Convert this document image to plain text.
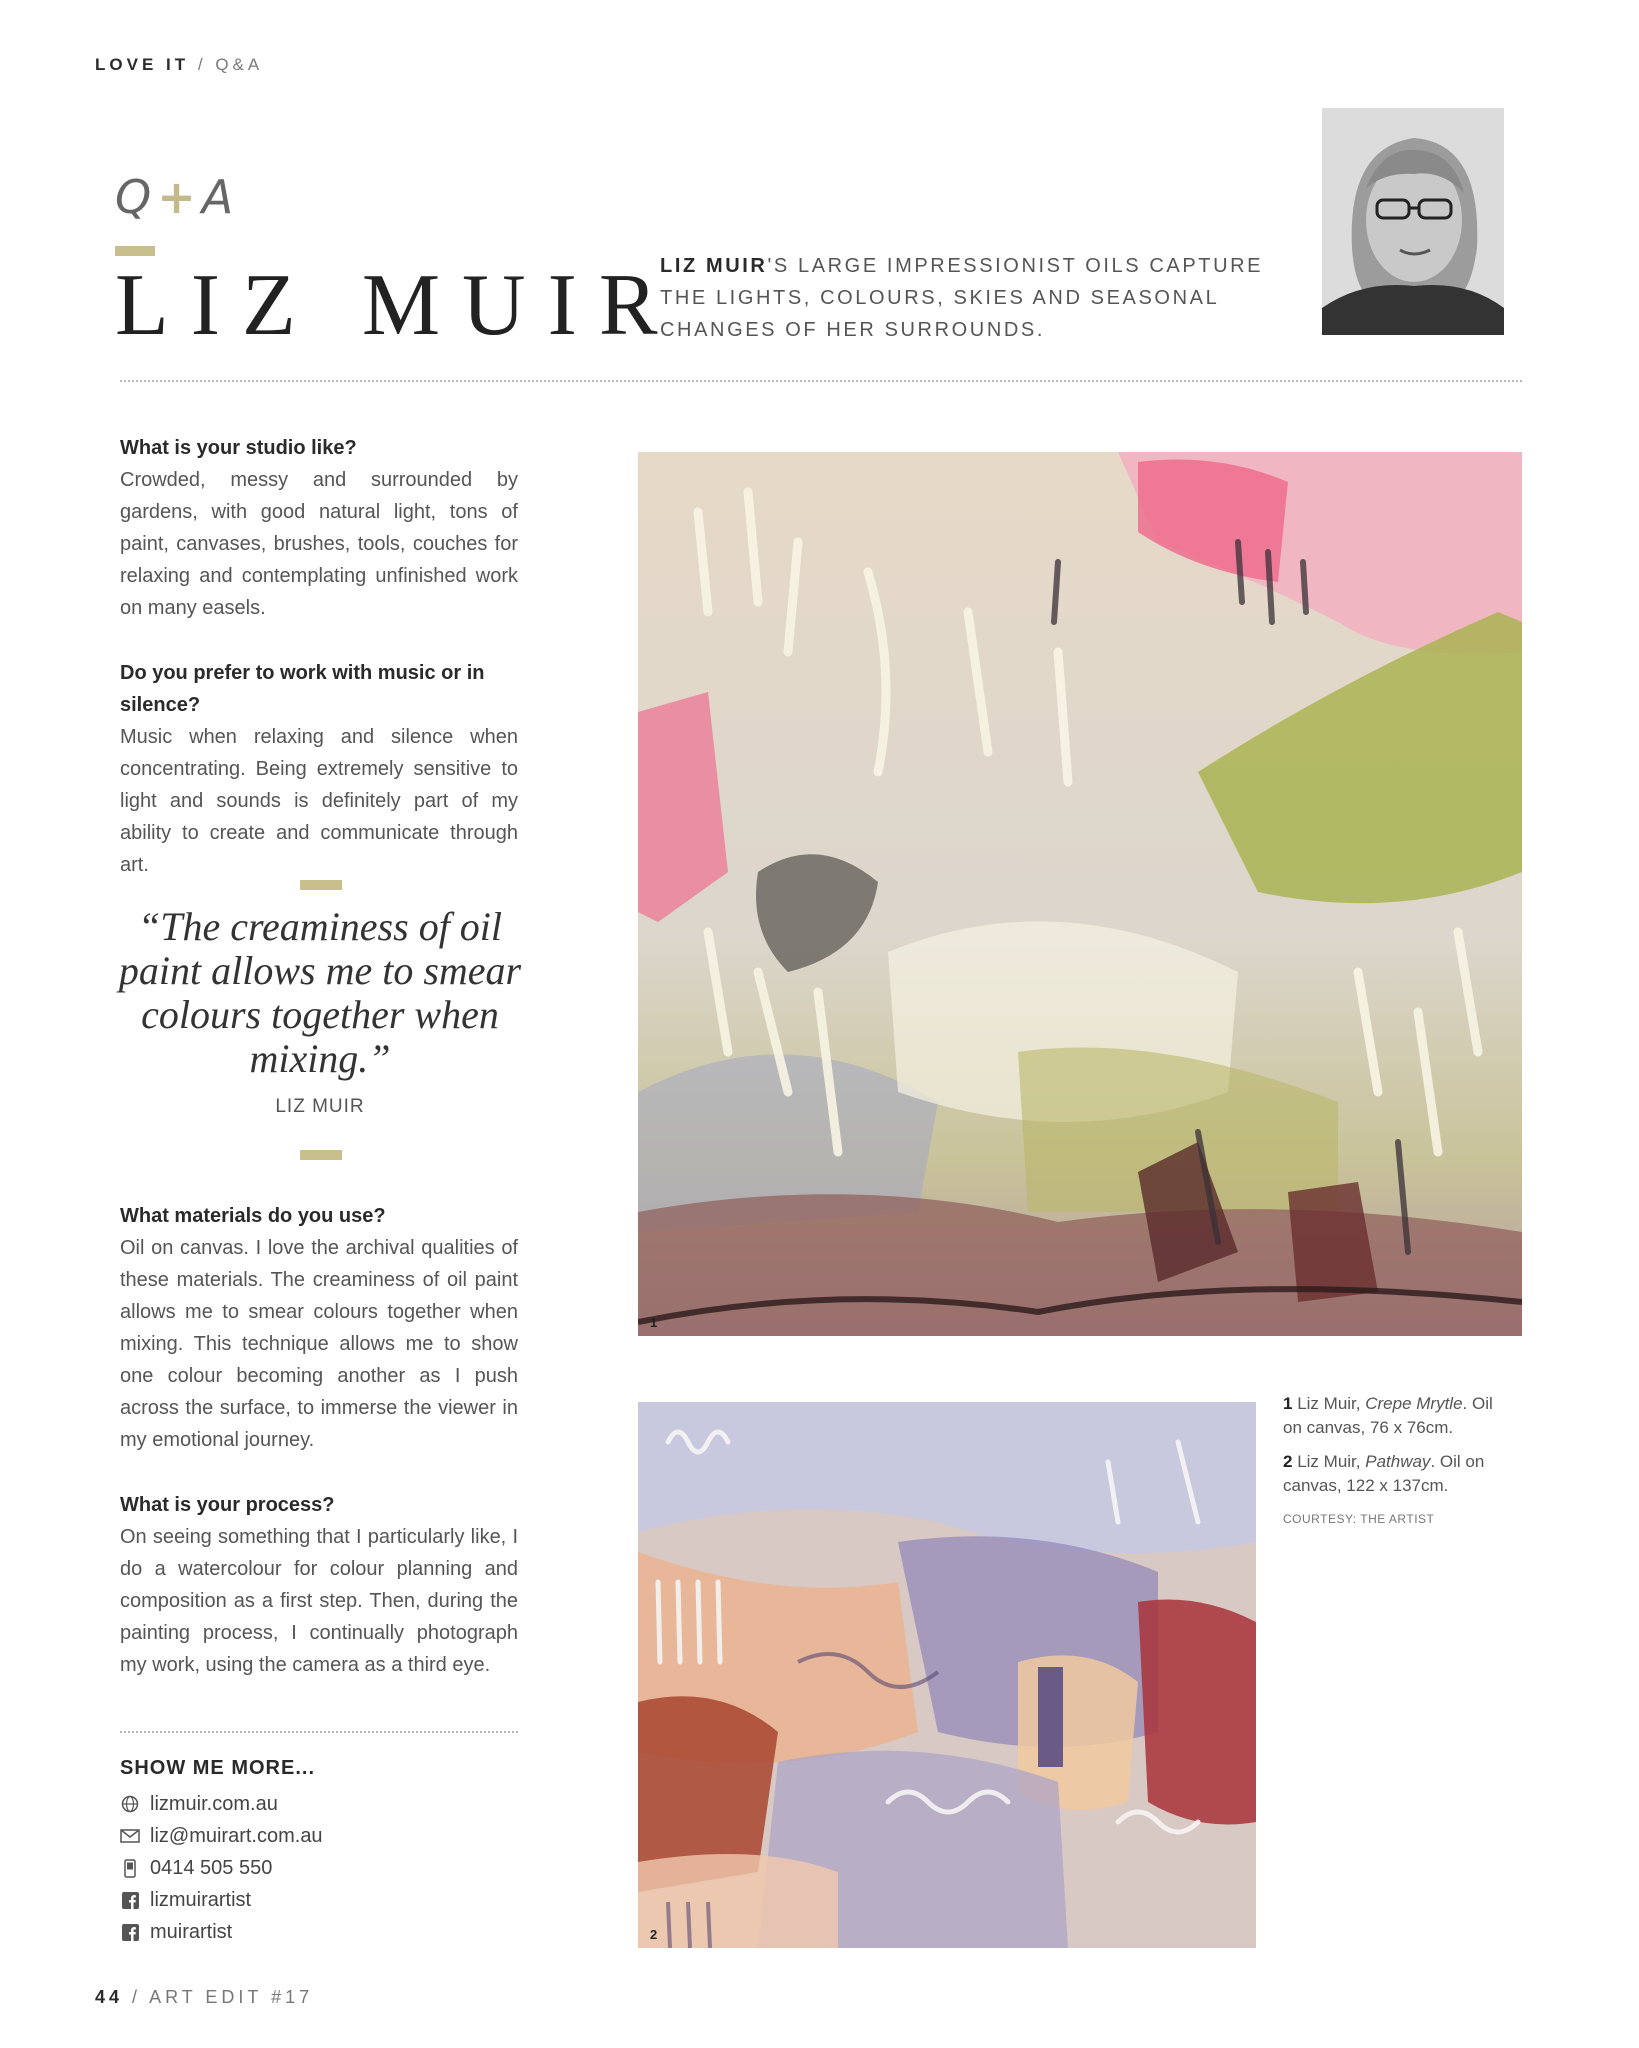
LOVE IT / Q&A
Q+A
LIZ MUIR
LIZ MUIR'S LARGE IMPRESSIONIST OILS CAPTURE THE LIGHTS, COLOURS, SKIES AND SEASONAL CHANGES OF HER SURROUNDS.
What is your studio like?
Crowded, messy and surrounded by gardens, with good natural light, tons of paint, canvases, brushes, tools, couches for relaxing and contemplating unfinished work on many easels.
Do you prefer to work with music or in silence?
Music when relaxing and silence when concentrating. Being extremely sensitive to light and sounds is definitely part of my ability to create and communicate through art.
“The creaminess of oil paint allows me to smear colours together when mixing.”
LIZ MUIR
What materials do you use?
Oil on canvas. I love the archival qualities of these materials. The creaminess of oil paint allows me to smear colours together when mixing. This technique allows me to show one colour becoming another as I push across the surface, to immerse the viewer in my emotional journey.
What is your process?
On seeing something that I particularly like, I do a watercolour for colour planning and composition as a first step. Then, during the painting process, I continually photograph my work, using the camera as a third eye.
SHOW ME MORE...
lizmuir.com.au
liz@muirart.com.au
0414 505 550
lizmuirartist
muirartist
1
2

1 Liz Muir, Crepe Mrytle. Oil on canvas, 76 x 76cm.

2 Liz Muir, Pathway. Oil on canvas, 122 x 137cm.

COURTESY: THE ARTIST
44 / ART EDIT #17
